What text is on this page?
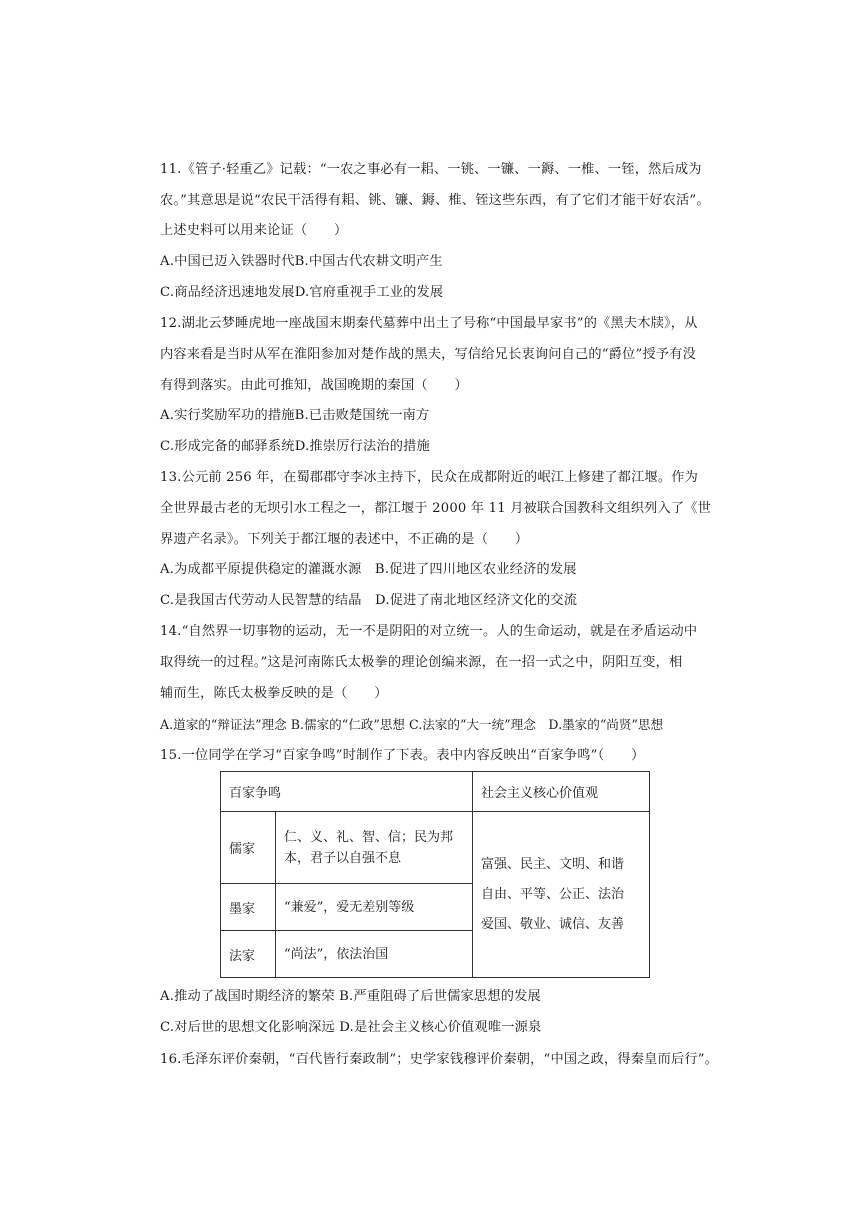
11.《管子·轻重乙》记载：“一农之事必有一耜、一铫、一镰、一鎒、一椎、一铚，然后成为
农。”其意思是说“农民干活得有耜、铫、镰、鎒、椎、铚这些东西，有了它们才能干好农活”。
上述史料可以用来论证（　　）
A.中国已迈入铁器时代B.中国古代农耕文明产生
C.商品经济迅速地发展D.官府重视手工业的发展
12.湖北云梦睡虎地一座战国末期秦代墓葬中出土了号称“中国最早家书”的《黑夫木牍》，从
内容来看是当时从军在淮阳参加对楚作战的黑夫，写信给兄长衷询问自己的“爵位”授予有没
有得到落实。由此可推知，战国晚期的秦国（　　）
A.实行奖励军功的措施B.已击败楚国统一南方
C.形成完备的邮驿系统D.推崇厉行法治的措施
13.公元前 256 年，在蜀郡郡守李冰主持下，民众在成都附近的岷江上修建了都江堰。作为
全世界最古老的无坝引水工程之一，都江堰于 2000 年 11 月被联合国教科文组织列入了《世
界遗产名录》。下列关于都江堰的表述中，不正确的是（　　）
A.为成都平原提供稳定的灌溉水源　B.促进了四川地区农业经济的发展
C.是我国古代劳动人民智慧的结晶　D.促进了南北地区经济文化的交流
14.“自然界一切事物的运动，无一不是阴阳的对立统一。人的生命运动，就是在矛盾运动中
取得统一的过程。”这是河南陈氏太极拳的理论创编来源，在一招一式之中，阴阳互变，相
辅而生，陈氏太极拳反映的是（　　）
A.道家的“辩证法”理念 B.儒家的“仁政”思想 C.法家的“大一统”理念　D.墨家的“尚贤”思想
15.一位同学在学习“百家争鸣”时制作了下表。表中内容反映出“百家争鸣”（　　）
百家争鸣		社会主义核心价值观
儒家	仁、义、礼、智、信；民为邦本，君子以自强不息	富强、民主、文明、和谐
自由、平等、公正、法治
爱国、敬业、诚信、友善

墨家	“兼爱”，爱无差别等级	
法家	“尚法”，依法治国	
A.推动了战国时期经济的繁荣 B.严重阻碍了后世儒家思想的发展
C.对后世的思想文化影响深远 D.是社会主义核心价值观唯一源泉
16.毛泽东评价秦朝，“百代皆行秦政制”；史学家钱穆评价秦朝，“中国之政，得秦皇而后行”。
